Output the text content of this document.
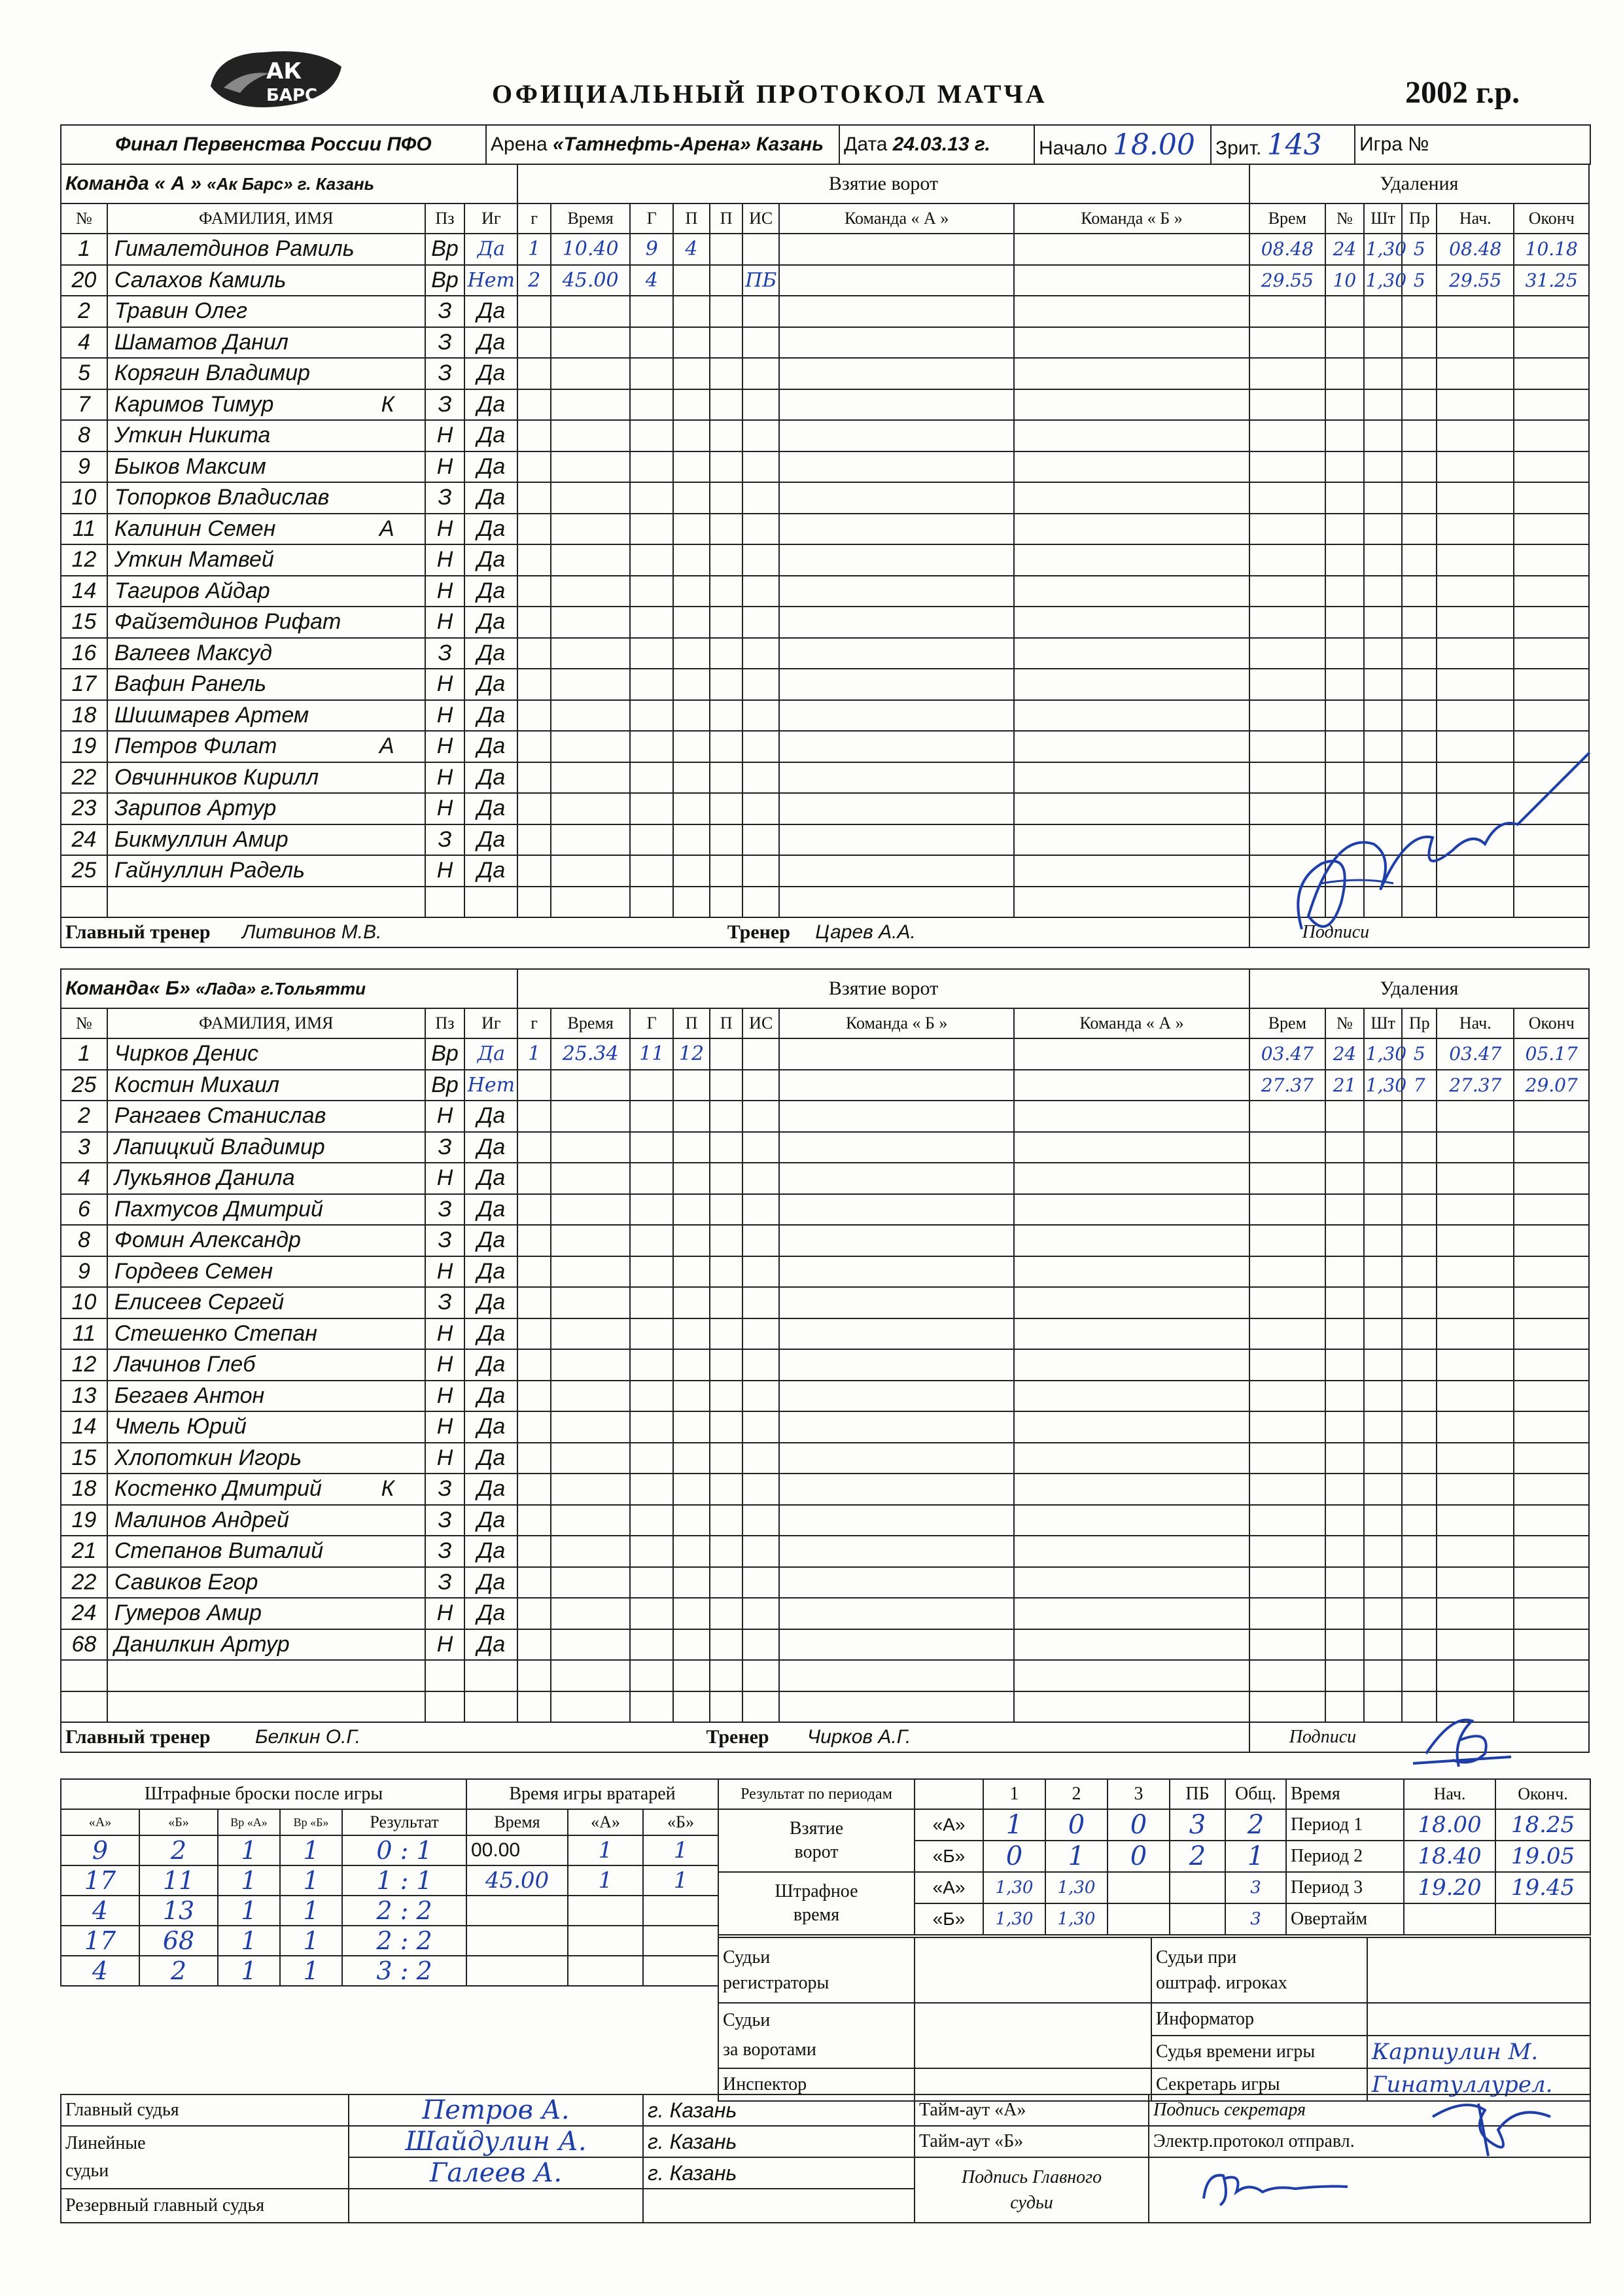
АК
БАРС	ОФИЦИАЛЬНЫЙ ПРОТОКОЛ МАТЧА	2002 г.р.
Финал Первенства России ПФО	Арена «Татнефть-Арена» Казань	Дата 24.03.13 г.	Начало 18.00	Зрит. 143	Игра №
Команда « А » «Ак Барс» г. Казань				Взятие ворот								Удаления					
№	ФАМИЛИЯ, ИМЯ	Пз	Иг	г	Время	Г	П	П	ИС	Команда « А »	Команда « Б »	Врем	№	Шт	Пр	Нач.	Оконч
1	Гималетдинов Рамиль	Вр	Да	1	10.40	9	4					08.48	24	1,30	5	08.48	10.18
20	Салахов Камиль	Вр	Нет	2	45.00	4			ПБ			29.55	10	1,30	5	29.55	31.25
2	Травин Олег	З	Да														
4	Шаматов Данил	З	Да														
5	Корягин Владимир	З	Да														
7	Каримов Тимур К	З	Да														
8	Уткин Никита	Н	Да														
9	Быков Максим	Н	Да														
10	Топорков Владислав	З	Да														
11	Калинин Семен А	Н	Да														
12	Уткин Матвей	Н	Да														
14	Тагиров Айдар	Н	Да														
15	Файзетдинов Рифат	Н	Да														
16	Валеев Максуд	З	Да														
17	Вафин Ранель	Н	Да														
18	Шишмарев Артем	Н	Да														
19	Петров Филат А	Н	Да														
22	Овчинников Кирилл	Н	Да														
23	Зарипов Артур	Н	Да														
24	Бикмуллин Амир	З	Да														
25	Гайнуллин Радель	Н	Да														

Главный тренер Литвинов М.В. Тренер Царев А.А.												Подписи					
Команда« Б» «Лада» г.Тольятти				Взятие ворот								Удаления					
№	ФАМИЛИЯ, ИМЯ	Пз	Иг	г	Время	Г	П	П	ИС	Команда « Б »	Команда « А »	Врем	№	Шт	Пр	Нач.	Оконч
1	Чирков Денис	Вр	Да	1	25.34	11	12					03.47	24	1,30	5	03.47	05.17
25	Костин Михаил	Вр	Нет									27.37	21	1,30	7	27.37	29.07
2	Рангаев Станислав	Н	Да														
3	Лапицкий Владимир	З	Да														
4	Лукьянов Данила	Н	Да														
6	Пахтусов Дмитрий	З	Да														
8	Фомин Александр	З	Да														
9	Гордеев Семен	Н	Да														
10	Елисеев Сергей	З	Да														
11	Стешенко Степан	Н	Да														
12	Лачинов Глеб	Н	Да														
13	Бегаев Антон	Н	Да														
14	Чмель Юрий	Н	Да														
15	Хлопоткин Игорь	Н	Да														
18	Костенко Дмитрий К	З	Да														
19	Малинов Андрей	З	Да														
21	Степанов Виталий	З	Да														
22	Савиков Егор	З	Да														
24	Гумеров Амир	Н	Да														
68	Данилкин Артур	Н	Да														

Главный тренер Белкин О.Г. Тренер Чирков А.Г.												Подписи					
Штрафные броски после игры				
«А»	«Б»	Вр «А»	Вр «Б»	Результат
9	2	1	1	0 : 1
17	11	1	1	1 : 1
4	13	1	1	2 : 2
17	68	1	1	2 : 2
4	2	1	1	3 : 2
Время игры вратарей		
Время	«А»	«Б»
00.00	1	1
45.00	1	1

Результат по периодам		1	2	3	ПБ	Общ.
Взятие
ворот	«А»	1	0	0	3	2
	«Б»	0	1	0	2	1
Штрафное
время	«А»	1,30	1,30			3
	«Б»	1,30	1,30			3
Время	Нач.	Оконч.
Период 1	18.00	18.25
Период 2	18.40	19.05
Период 3	19.20	19.45
Овертайм		
Судьи
регистраторы		Судьи при
оштраф. игроках	
Судьи
за воротами		Информатор	
		Судья времени игры	Карпиулин М.
Инспектор		Секретарь игры	Гинатуллурел.
Главный судья	Петров А.	г. Казань	Тайм-аут «А»	Подпись секретаря
Линейные
судьи	Шайдулин А.	г. Казань	Тайм-аут «Б»	Электр.протокол отправл.
	Галеев А.	г. Казань	Подпись Главного
судьи	
Резервный главный судья				
